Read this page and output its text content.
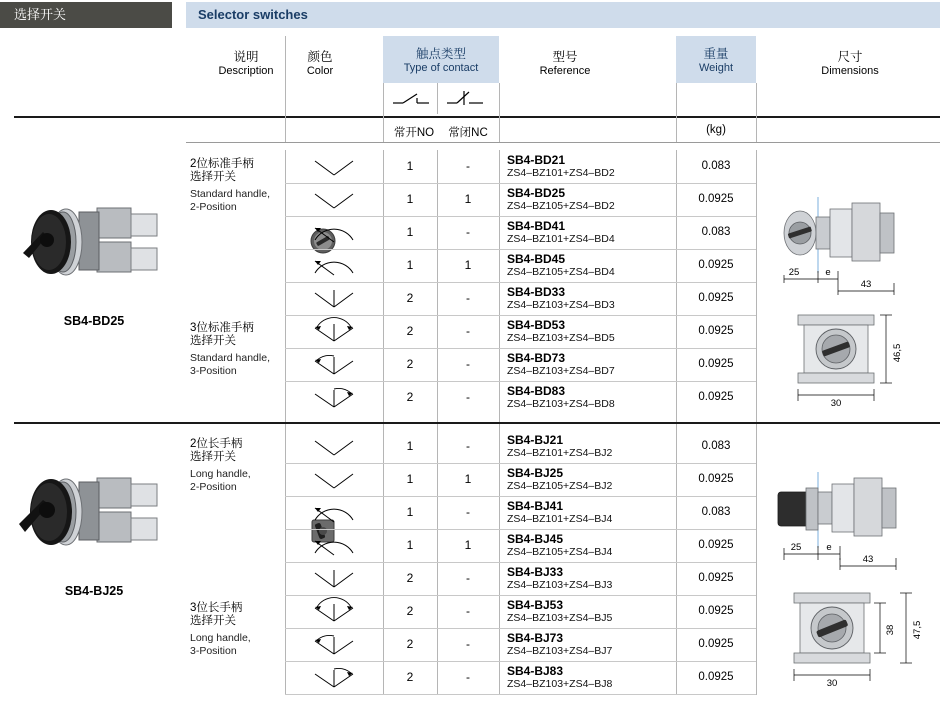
选择开关	Selector switches
触点类型
Type of contact
重量
Weight
说明
Description
颜色
Color
型号
Reference
尺寸
Dimensions
常开NO 常闭NC	(kg)
SB4-BD25
SB4-BJ25
2位标准手柄
选择开关
Standard handle,
2-Position
3位标准手柄
选择开关
Standard handle,
3-Position
2位长手柄
选择开关
Long handle,
2-Position
3位长手柄
选择开关
Long handle,
3-Position
1	-	SB4-BD21
ZS4–BZ101+ZS4–BD2
0.083
1	1	SB4-BD25
ZS4–BZ105+ZS4–BD2
0.0925
1	-	SB4-BD41
ZS4–BZ101+ZS4–BD4
0.083
1	1	SB4-BD45
ZS4–BZ105+ZS4–BD4
0.0925
2	-	SB4-BD33
ZS4–BZ103+ZS4–BD3
0.0925
2	-	SB4-BD53
ZS4–BZ103+ZS4–BD5
0.0925
2	-	SB4-BD73
ZS4–BZ103+ZS4–BD7
0.0925
2	-	SB4-BD83
ZS4–BZ103+ZS4–BD8
0.0925
1	-	SB4-BJ21
ZS4–BZ101+ZS4–BJ2
0.083
1	1	SB4-BJ25
ZS4–BZ105+ZS4–BJ2
0.0925
1	-	SB4-BJ41
ZS4–BZ101+ZS4–BJ4
0.083
1	1	SB4-BJ45
ZS4–BZ105+ZS4–BJ4
0.0925
2	-	SB4-BJ33
ZS4–BZ103+ZS4–BJ3
0.0925
2	-	SB4-BJ53
ZS4–BZ103+ZS4–BJ5
0.0925
2	-	SB4-BJ73
ZS4–BZ103+ZS4–BJ7
0.0925
2	-	SB4-BJ83
ZS4–BZ103+ZS4–BJ8
0.0925
25	e
43
46,5
30
25	e
43
38 47,5
30
